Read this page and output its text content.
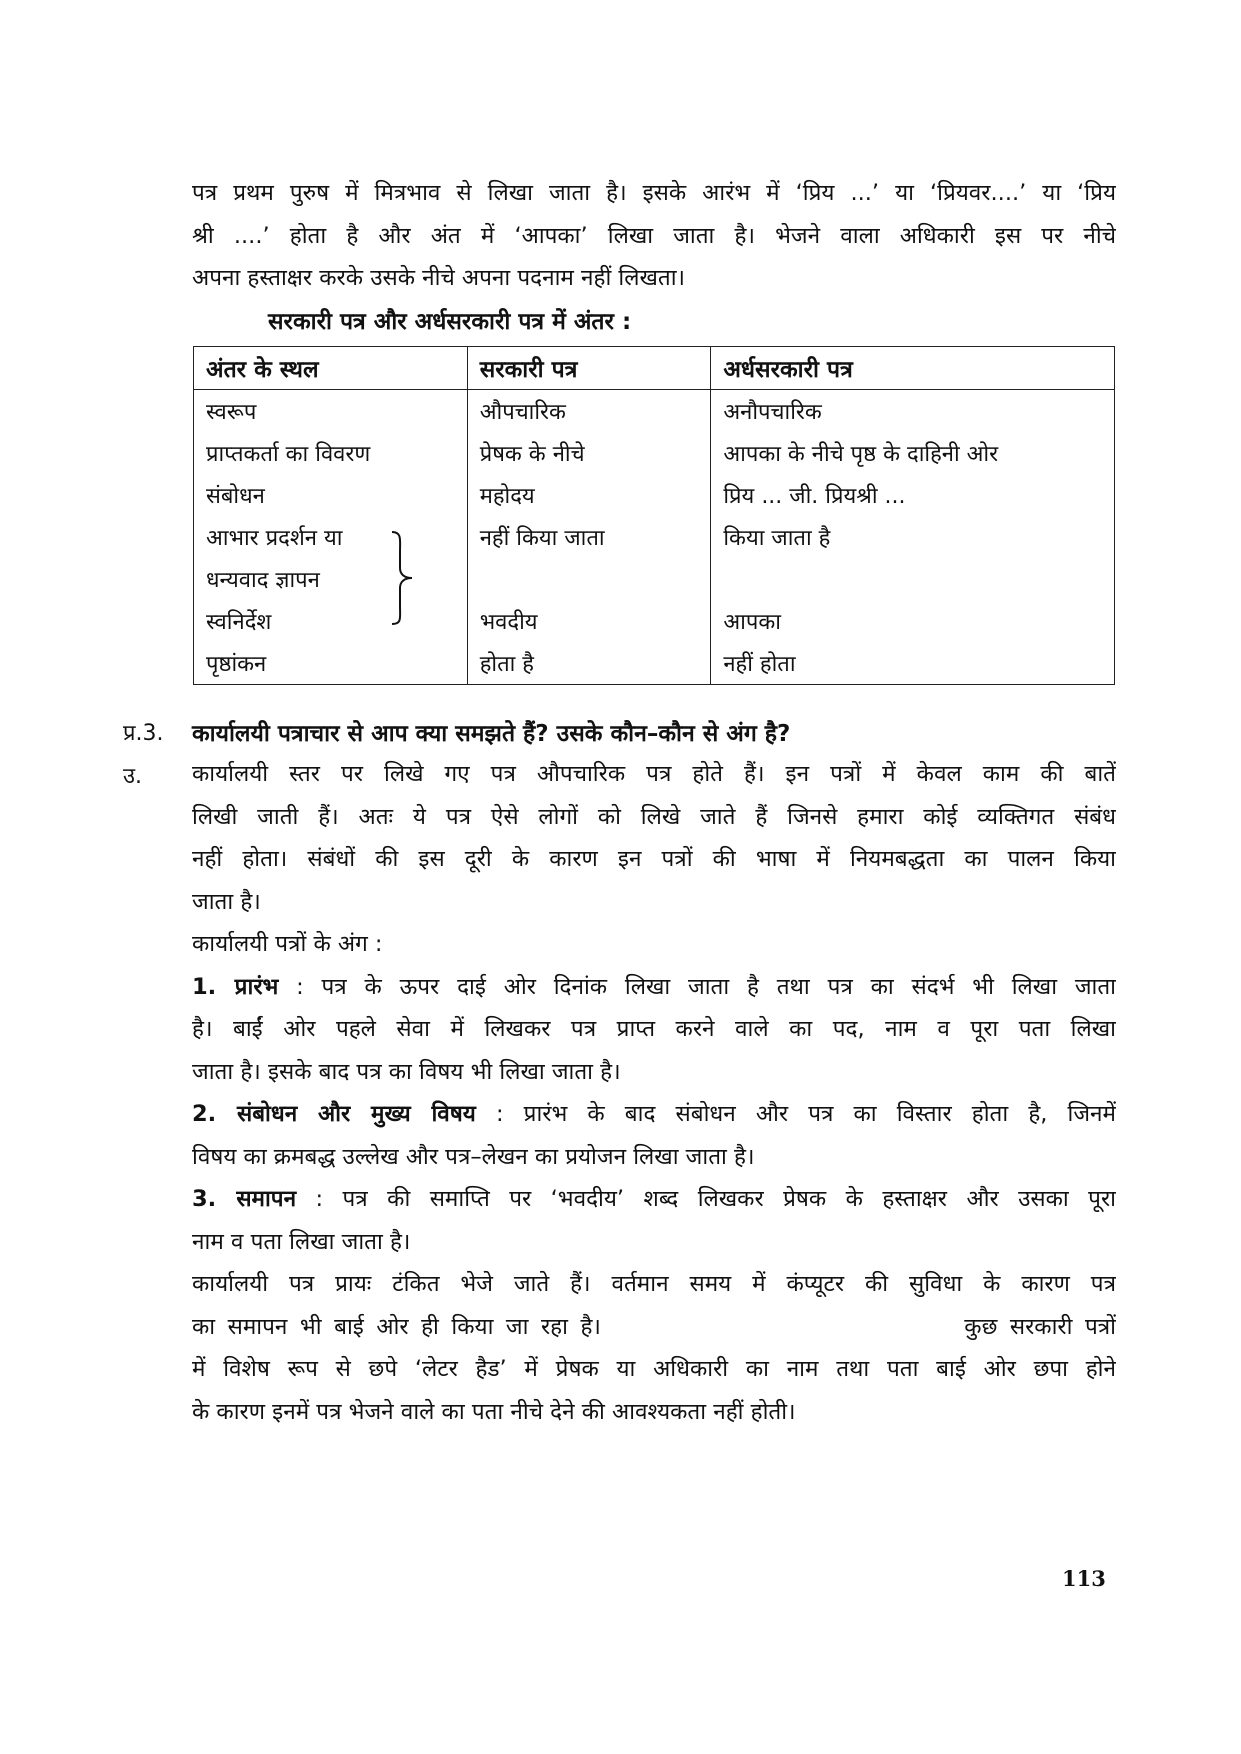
पत्र प्रथम पुरुष में मित्रभाव से लिखा जाता है। इसके आरंभ में ‘प्रिय ...’ या ‘प्रियवर....’ या ‘प्रिय
श्री ....’ होता है और अंत में ‘आपका’ लिखा जाता है। भेजने वाला अधिकारी इस पर नीचे
अपना हस्ताक्षर करके उसके नीचे अपना पदनाम नहीं लिखता।
सरकारी पत्र और अर्धसरकारी पत्र में अंतर :
अंतर के स्थल	सरकारी पत्र	अर्धसरकारी पत्र
स्वरूप	औपचारिक	अनौपचारिक
प्राप्तकर्ता का विवरण	प्रेषक के नीचे	आपका के नीचे पृष्ठ के दाहिनी ओर
संबोधन	महोदय	प्रिय ... जी. प्रियश्री ...
आभार प्रदर्शन या	नहीं किया जाता	किया जाता है
धन्यवाद ज्ञापन		
स्वनिर्देश	भवदीय	आपका
पृष्ठांकन	होता है	नहीं होता
प्र.3. कार्यालयी पत्राचार से आप क्या समझते हैं? उसके कौन–कौन से अंग है?
उ. कार्यालयी स्तर पर लिखे गए पत्र औपचारिक पत्र होते हैं। इन पत्रों में केवल काम की बातें
लिखी जाती हैं। अतः ये पत्र ऐसे लोगों को लिखे जाते हैं जिनसे हमारा कोई व्यक्तिगत संबंध
नहीं होता। संबंधों की इस दूरी के कारण इन पत्रों की भाषा में नियमबद्धता का पालन किया
जाता है।
कार्यालयी पत्रों के अंग :
1. प्रारंभ : पत्र के ऊपर दाई ओर दिनांक लिखा जाता है तथा पत्र का संदर्भ भी लिखा जाता
है। बाईं ओर पहले सेवा में लिखकर पत्र प्राप्त करने वाले का पद, नाम व पूरा पता लिखा
जाता है। इसके बाद पत्र का विषय भी लिखा जाता है।
2. संबोधन और मुख्य विषय : प्रारंभ के बाद संबोधन और पत्र का विस्तार होता है, जिनमें
विषय का क्रमबद्ध उल्लेख और पत्र–लेखन का प्रयोजन लिखा जाता है।
3. समापन : पत्र की समाप्ति पर ‘भवदीय’ शब्द लिखकर प्रेषक के हस्ताक्षर और उसका पूरा
नाम व पता लिखा जाता है।
कार्यालयी पत्र प्रायः टंकित भेजे जाते हैं। वर्तमान समय में कंप्यूटर की सुविधा के कारण पत्र
का समापन भी बाई ओर ही किया जा रहा है।                             कुछ सरकारी पत्रों
में विशेष रूप से छपे ‘लेटर हैड’ में प्रेषक या अधिकारी का नाम तथा पता बाई ओर छपा होने
के कारण इनमें पत्र भेजने वाले का पता नीचे देने की आवश्यकता नहीं होती।
113
